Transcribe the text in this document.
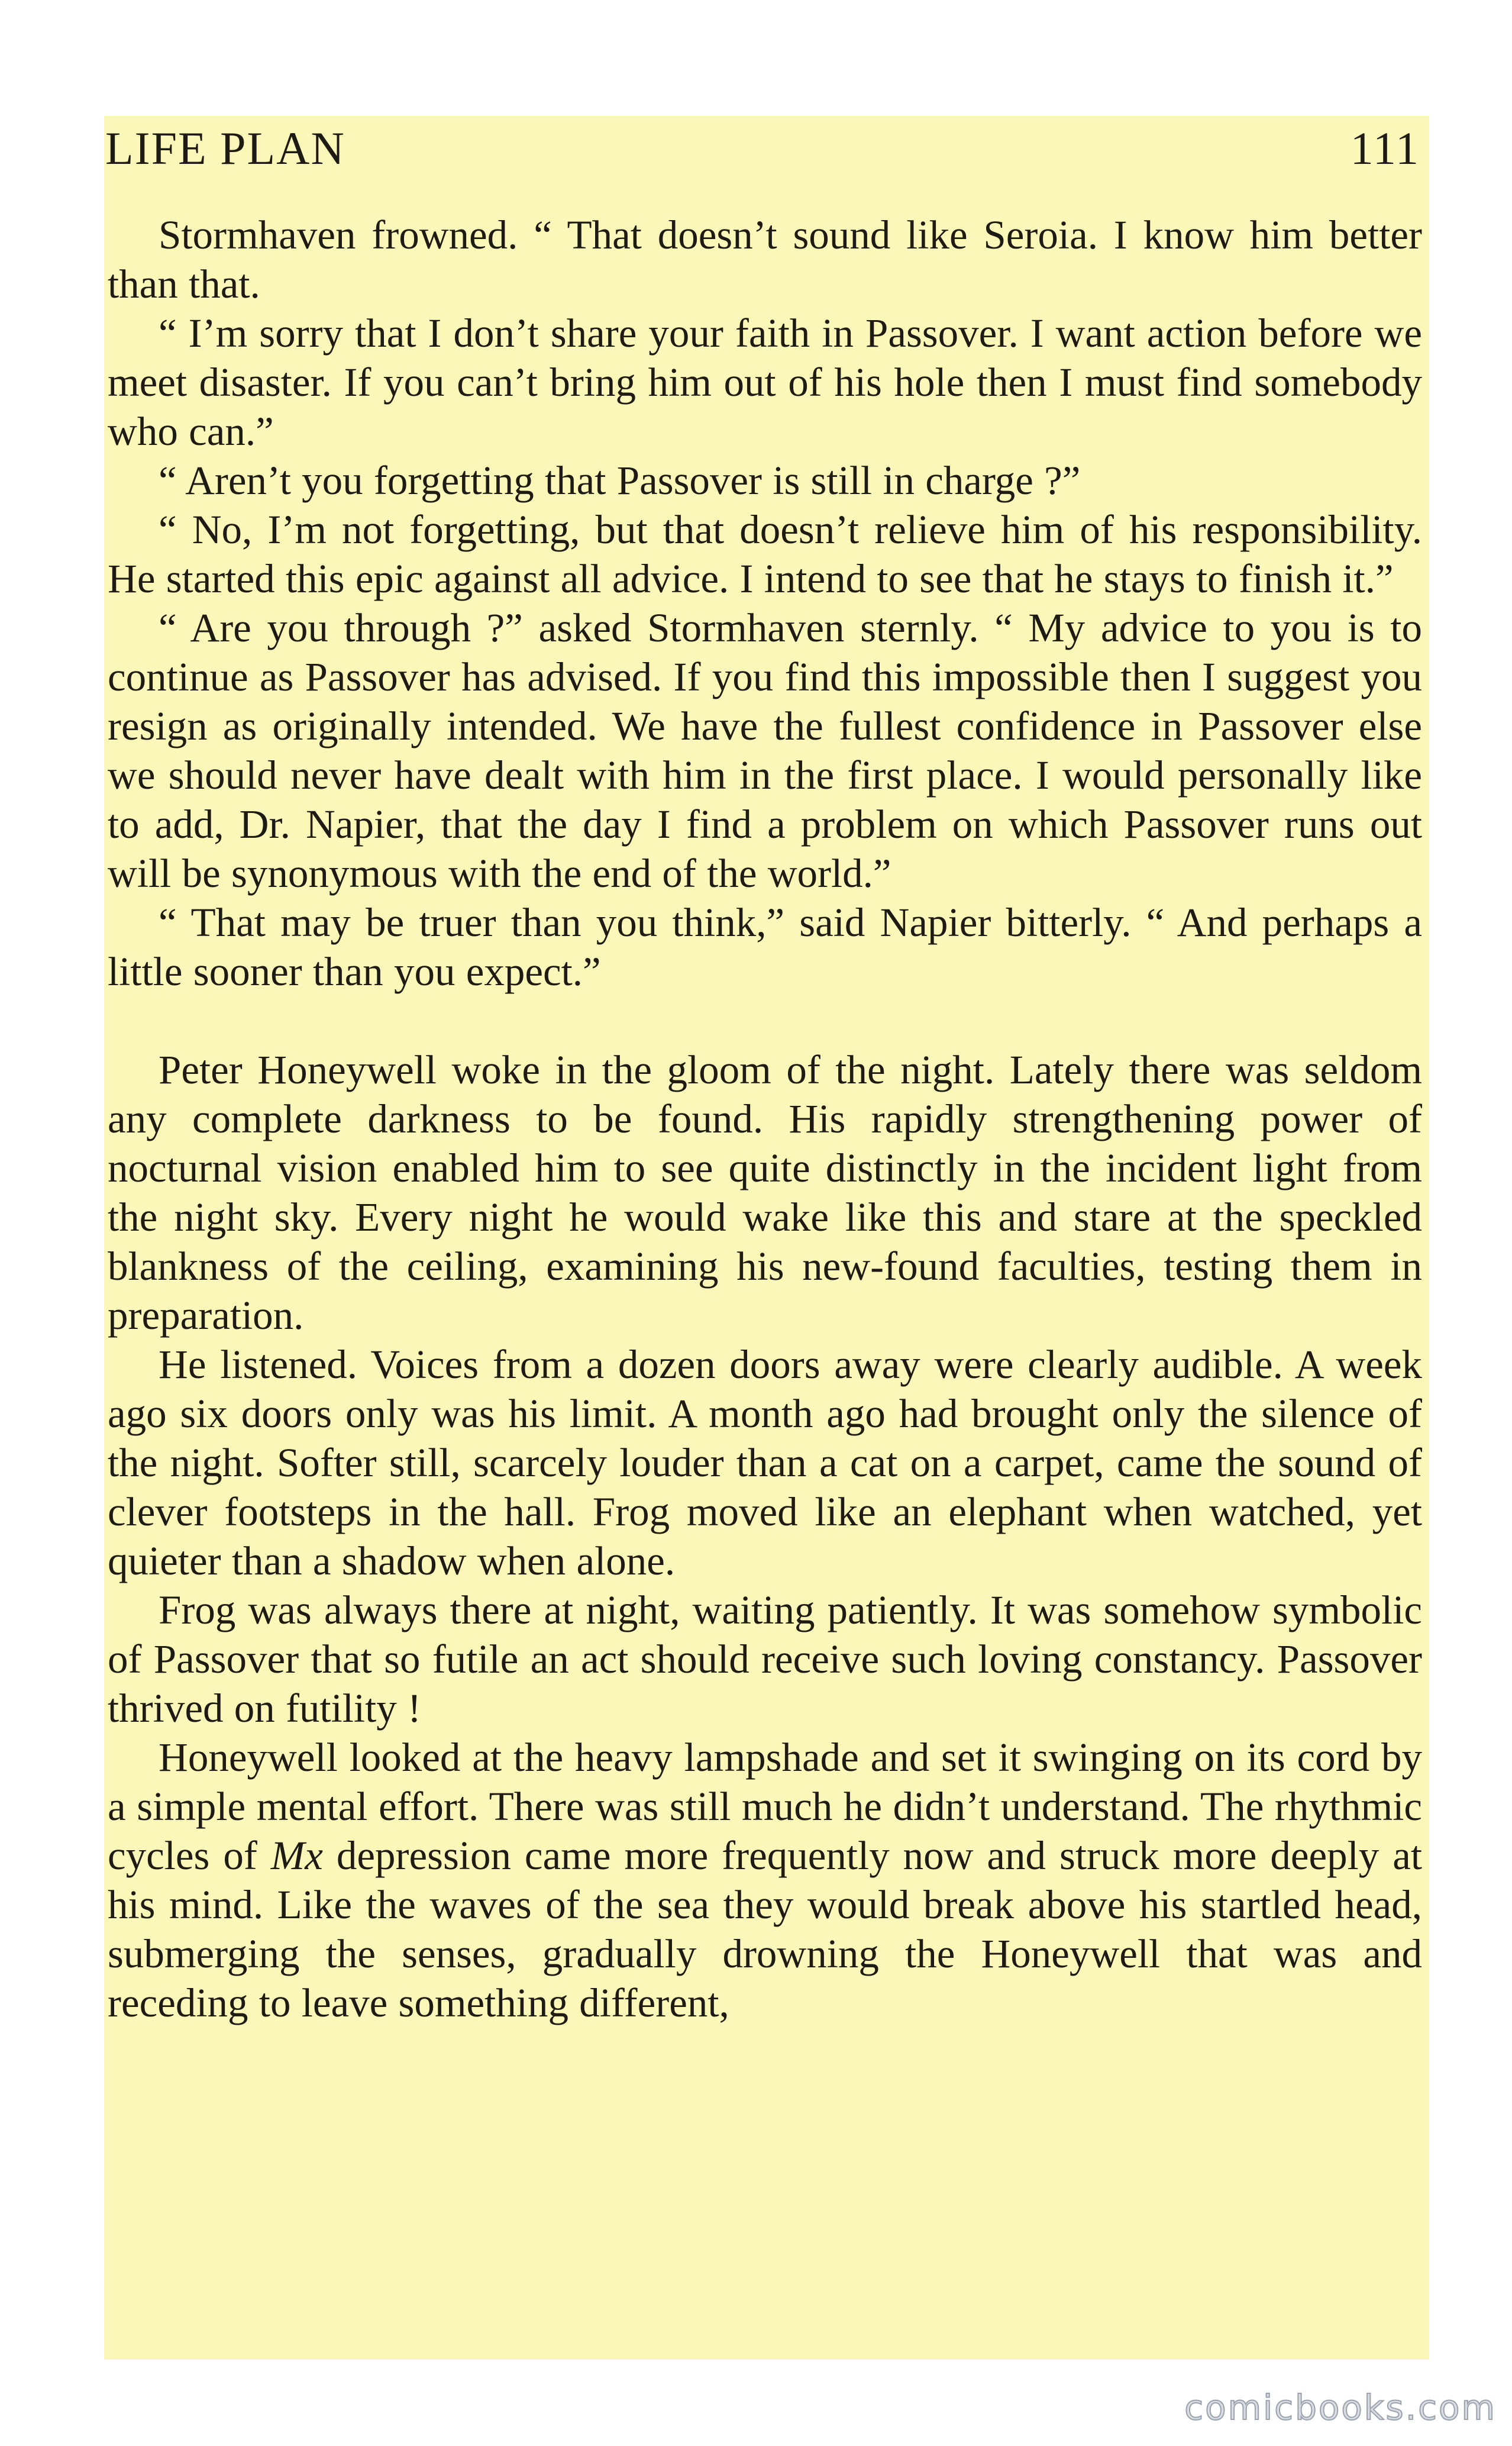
LIFE PLAN	111

Stormhaven frowned. “ That doesn’t sound like Seroia. I know him better than that.

“ I’m sorry that I don’t share your faith in Passover. I want action before we meet disaster. If you can’t bring him out of his hole then I must find somebody who can.”

“ Aren’t you forgetting that Passover is still in charge ?”

“ No, I’m not forgetting, but that doesn’t relieve him of his responsibility. He started this epic against all advice. I intend to see that he stays to finish it.”

“ Are you through ?” asked Stormhaven sternly. “ My advice to you is to continue as Passover has advised. If you find this impossible then I suggest you resign as originally intended. We have the fullest confidence in Passover else we should never have dealt with him in the first place. I would personally like to add, Dr. Napier, that the day I find a problem on which Passover runs out will be synonymous with the end of the world.”

“ That may be truer than you think,” said Napier bitterly. “ And perhaps a little sooner than you expect.”

Peter Honeywell woke in the gloom of the night. Lately there was seldom any complete darkness to be found. His rapidly strengthening power of nocturnal vision enabled him to see quite distinctly in the incident light from the night sky. Every night he would wake like this and stare at the speckled blankness of the ceiling, examining his new-found faculties, testing them in preparation.

He listened. Voices from a dozen doors away were clearly audible. A week ago six doors only was his limit. A month ago had brought only the silence of the night. Softer still, scarcely louder than a cat on a carpet, came the sound of clever footsteps in the hall. Frog moved like an elephant when watched, yet quieter than a shadow when alone.

Frog was always there at night, waiting patiently. It was somehow symbolic of Passover that so futile an act should receive such loving constancy. Passover thrived on futility !

Honeywell looked at the heavy lampshade and set it swinging on its cord by a simple mental effort. There was still much he didn’t understand. The rhythmic cycles of Mx depression came more frequently now and struck more deeply at his mind. Like the waves of the sea they would break above his startled head, submerging the senses, gradually drowning the Honeywell that was and receding to leave something different,

comicbooks.com
